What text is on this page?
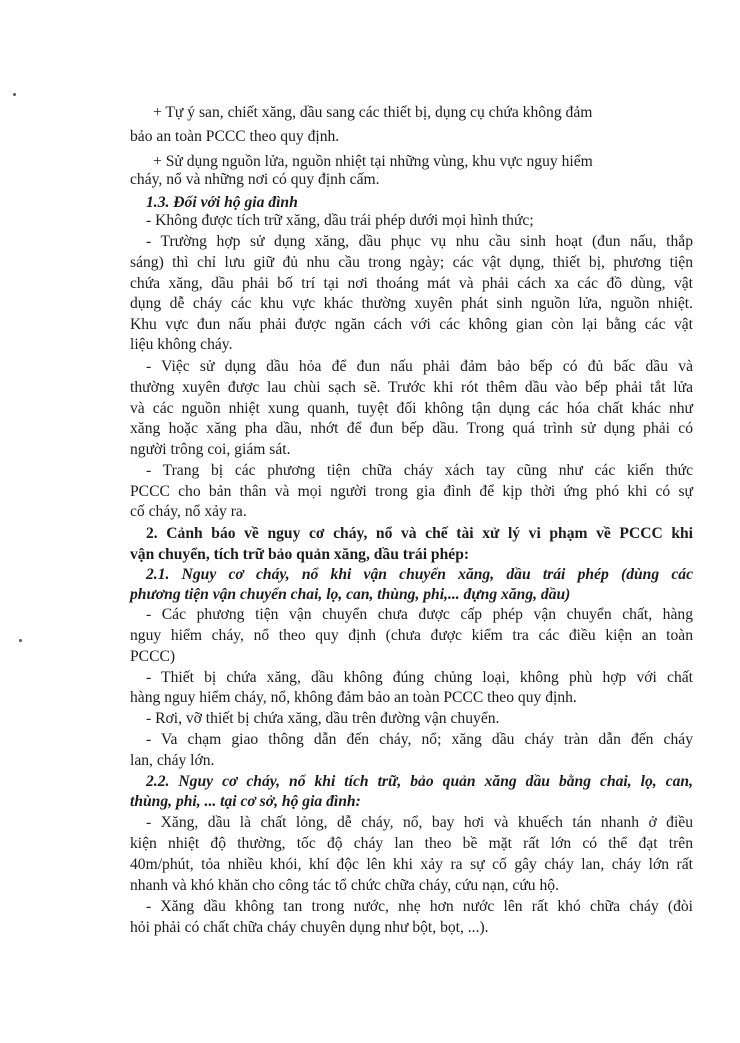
+ Tự ý san, chiết xăng, dầu sang các thiết bị, dụng cụ chứa không đảm
bảo an toàn PCCC theo quy định.
+ Sử dụng nguồn lửa, nguồn nhiệt tại những vùng, khu vực nguy hiểm
cháy, nổ và những nơi có quy định cấm.
1.3. Đối với hộ gia đình
- Không được tích trữ xăng, dầu trái phép dưới mọi hình thức;
- Trường hợp sử dụng xăng, dầu phục vụ nhu cầu sinh hoạt (đun nấu, thắp
sáng) thì chỉ lưu giữ đủ nhu cầu trong ngày; các vật dụng, thiết bị, phương tiện
chứa xăng, dầu phải bố trí tại nơi thoáng mát và phải cách xa các đồ dùng, vật
dụng dễ cháy các khu vực khác thường xuyên phát sinh nguồn lửa, nguồn nhiệt.
Khu vực đun nấu phải được ngăn cách với các không gian còn lại bằng các vật
liệu không cháy.
- Việc sử dụng dầu hỏa để đun nấu phải đảm bảo bếp có đủ bấc dầu và
thường xuyên được lau chùi sạch sẽ. Trước khi rót thêm dầu vào bếp phải tắt lửa
và các nguồn nhiệt xung quanh, tuyệt đối không tận dụng các hóa chất khác như
xăng hoặc xăng pha dầu, nhớt để đun bếp dầu. Trong quá trình sử dụng phải có
người trông coi, giám sát.
- Trang bị các phương tiện chữa cháy xách tay cũng như các kiến thức
PCCC cho bản thân và mọi người trong gia đình để kịp thời ứng phó khi có sự
cố cháy, nổ xảy ra.
2. Cảnh báo về nguy cơ cháy, nổ và chế tài xử lý vi phạm về PCCC khi
vận chuyển, tích trữ bảo quản xăng, dầu trái phép:
2.1. Nguy cơ cháy, nổ khi vận chuyển xăng, dầu trái phép (dùng các
phương tiện vận chuyển chai, lọ, can, thùng, phi,... đựng xăng, dầu)
- Các phương tiện vận chuyển chưa được cấp phép vận chuyển chất, hàng
nguy hiểm cháy, nổ theo quy định (chưa được kiểm tra các điều kiện an toàn
PCCC)
- Thiết bị chứa xăng, dầu không đúng chủng loại, không phù hợp với chất
hàng nguy hiểm cháy, nổ, không đảm bảo an toàn PCCC theo quy định.
- Rơi, vỡ thiết bị chứa xăng, dầu trên đường vận chuyển.
- Va chạm giao thông dẫn đến cháy, nổ; xăng dầu cháy tràn dẫn đến cháy
lan, cháy lớn.
2.2. Nguy cơ cháy, nổ khi tích trữ, bảo quản xăng dầu bằng chai, lọ, can,
thùng, phi, ... tại cơ sở, hộ gia đình:
- Xăng, dầu là chất lỏng, dễ cháy, nổ, bay hơi và khuếch tán nhanh ở điều
kiện nhiệt độ thường, tốc độ cháy lan theo bề mặt rất lớn có thể đạt trên
40m/phút, tỏa nhiều khói, khí độc lên khi xảy ra sự cố gây cháy lan, cháy lớn rất
nhanh và khó khăn cho công tác tổ chức chữa cháy, cứu nạn, cứu hộ.
- Xăng dầu không tan trong nước, nhẹ hơn nước lên rất khó chữa cháy (đòi
hỏi phải có chất chữa cháy chuyên dụng như bột, bọt, ...).
